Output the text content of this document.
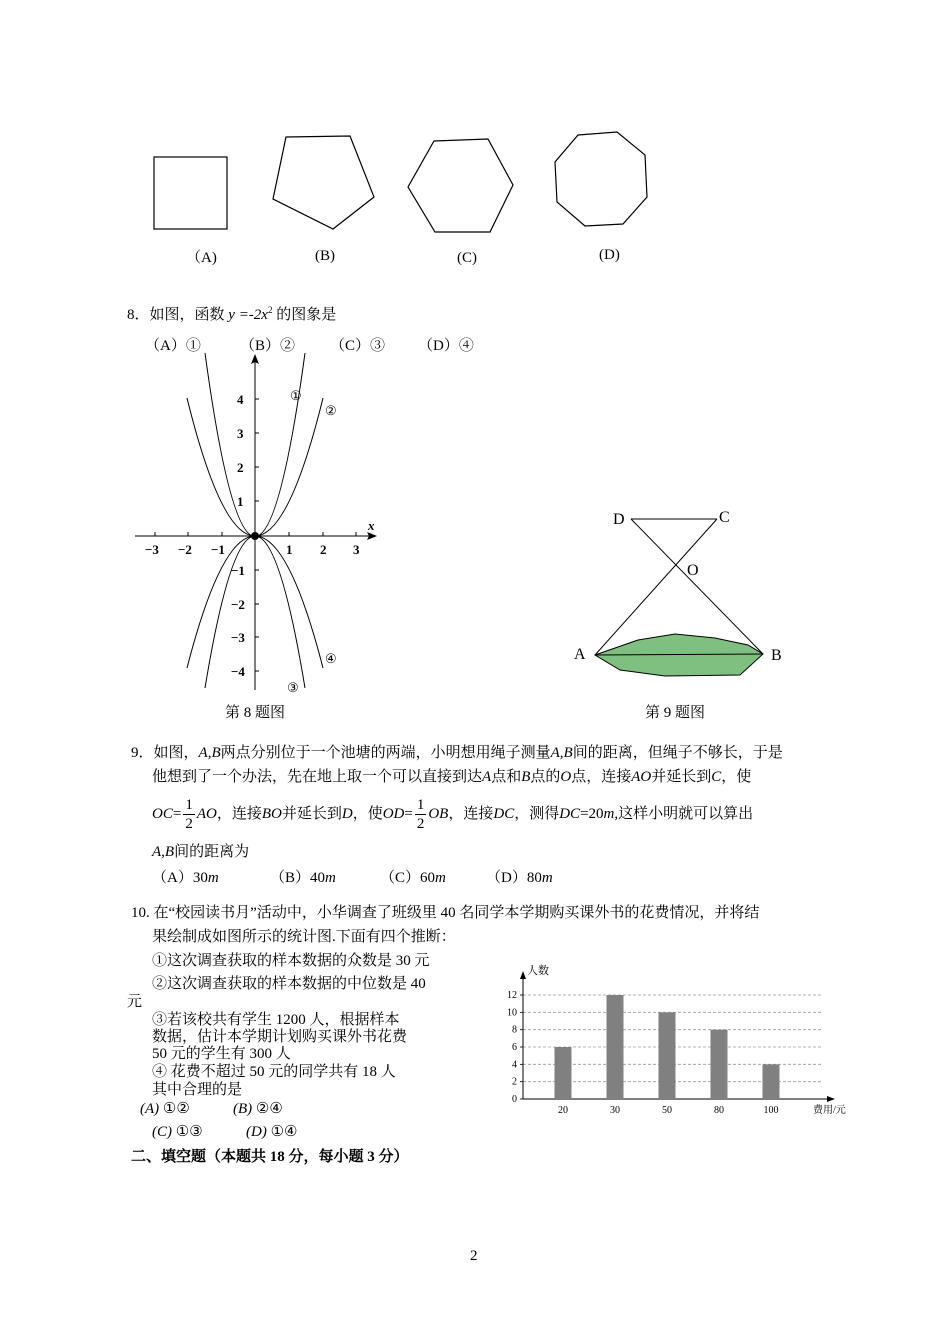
（A)	(B)	(C)	(D)
8．如图，函数 $y =-2x^2$ 的图象是
（A）①	（B）② （C）③ （D）④
−3 −2 −1	1 2 3
4
3
2
1
−1
−2
−3
−4
x
①
②
③
④
第 8 题图
D	C
O
A	B
第 9 题图
9．如图，A,B两点分别位于一个池塘的两端，小明想用绳子测量A,B间的距离，但绳子不够长，于是
他想到了一个办法，先在地上取一个可以直接到达A点和B点的O点，连接AO并延长到C，使
$OC= \frac{1}{2}$ AO，连接BO并延长到D，使$OD= \frac{1}{2}$ OB，连接DC，测得DC=20m,这样小明就可以算出
A,B间的距离为
（A）30m	（B）40m	（C）60m	（D）80m
10. 在“校园读书月”活动中，小华调查了班级里 40 名同学本学期购买课外书的花费情况，并将结
果绘制成如图所示的统计图.下面有四个推断：
①这次调查获取的样本数据的众数是 30 元
②这次调查获取的样本数据的中位数是 40
元
③若该校共有学生 1200 人，根据样本
数据，估计本学期计划购买课外书花费
50 元的学生有 300 人
④ 花费不超过 50 元的同学共有 18 人
其中合理的是
(A) ①②	(B) ②④
(C) ①③	(D) ①④
0
2
4
6
8
10
12
20	30	50	80	100
人数
费用/元
二、填空题（本题共 18 分，每小题 3 分）
2
